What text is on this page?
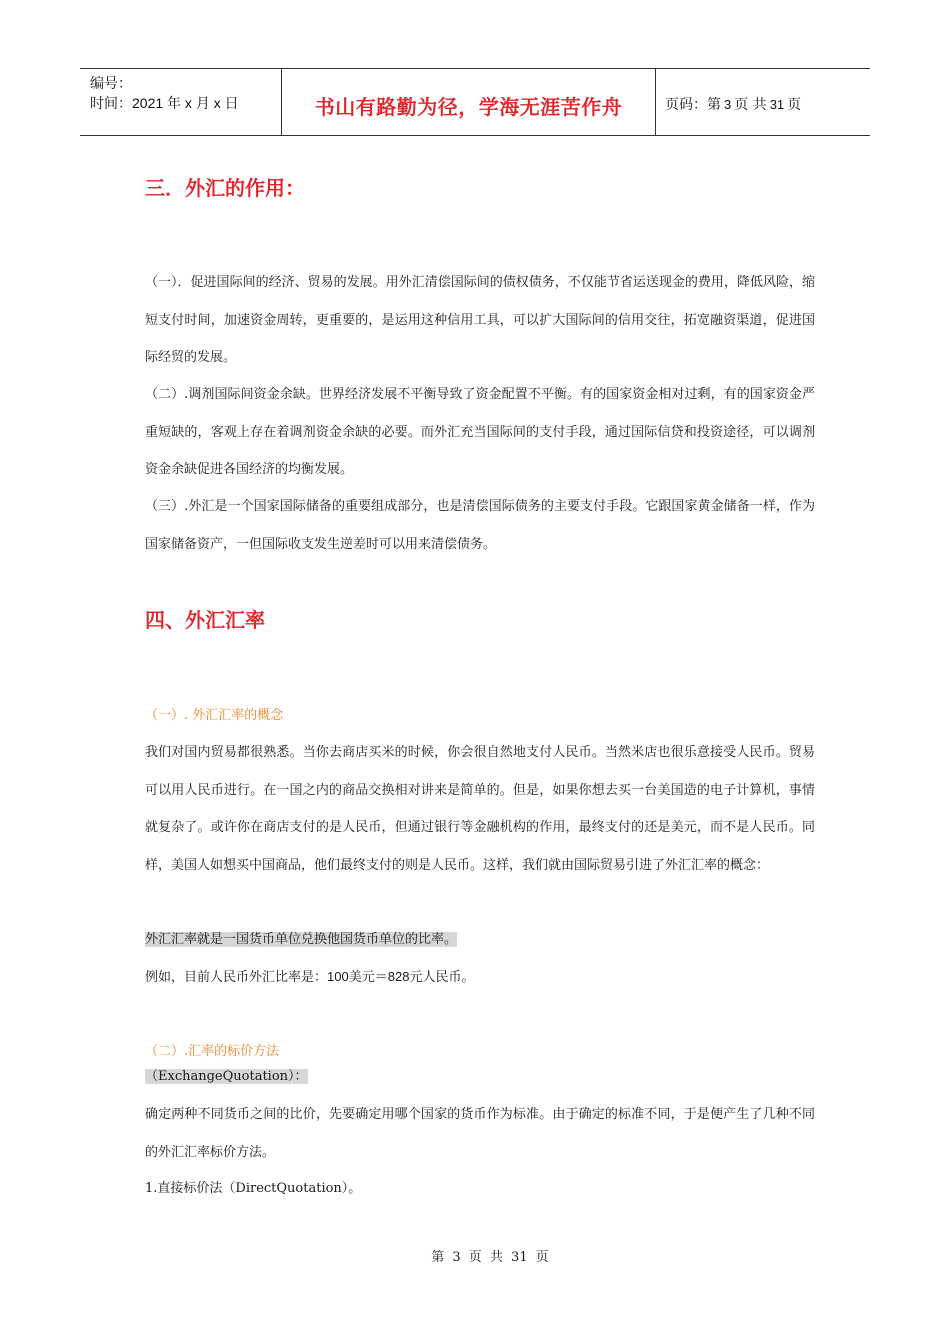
编号：
时间：2021 年 x 月 x 日	书山有路勤为径，学海无涯苦作舟	页码：第 3 页 共 31 页
三．外汇的作用：

（一）．促进国际间的经济、贸易的发展。用外汇清偿国际间的债权债务，不仅能节省运送现金的费用，降低风险，缩短支付时间，加速资金周转，更重要的，是运用这种信用工具，可以扩大国际间的信用交往，拓宽融资渠道，促进国际经贸的发展。

（二）.调剂国际间资金余缺。世界经济发展不平衡导致了资金配置不平衡。有的国家资金相对过剩，有的国家资金严重短缺的，客观上存在着调剂资金余缺的必要。而外汇充当国际间的支付手段，通过国际信贷和投资途径，可以调剂资金余缺促进各国经济的均衡发展。

（三）.外汇是一个国家国际储备的重要组成部分，也是清偿国际债务的主要支付手段。它跟国家黄金储备一样，作为国家储备资产，一但国际收支发生逆差时可以用来清偿债务。

四、外汇汇率
（一）. 外汇汇率的概念

我们对国内贸易都很熟悉。当你去商店买米的时候，你会很自然地支付人民币。当然米店也很乐意接受人民币。贸易可以用人民币进行。在一国之内的商品交换相对讲来是简单的。但是，如果你想去买一台美国造的电子计算机，事情就复杂了。或许你在商店支付的是人民币，但通过银行等金融机构的作用，最终支付的还是美元，而不是人民币。同样，美国人如想买中国商品，他们最终支付的则是人民币。这样，我们就由国际贸易引进了外汇汇率的概念：

外汇汇率就是一国货币单位兑换他国货币单位的比率。
例如，目前人民币外汇比率是：100美元＝828元人民币。
（二）.汇率的标价方法
（ExchangeQuotation）：

确定两种不同货币之间的比价，先要确定用哪个国家的货币作为标准。由于确定的标准不同，于是便产生了几种不同的外汇汇率标价方法。

1.直接标价法（DirectQuotation）。
第 3 页 共 31 页
